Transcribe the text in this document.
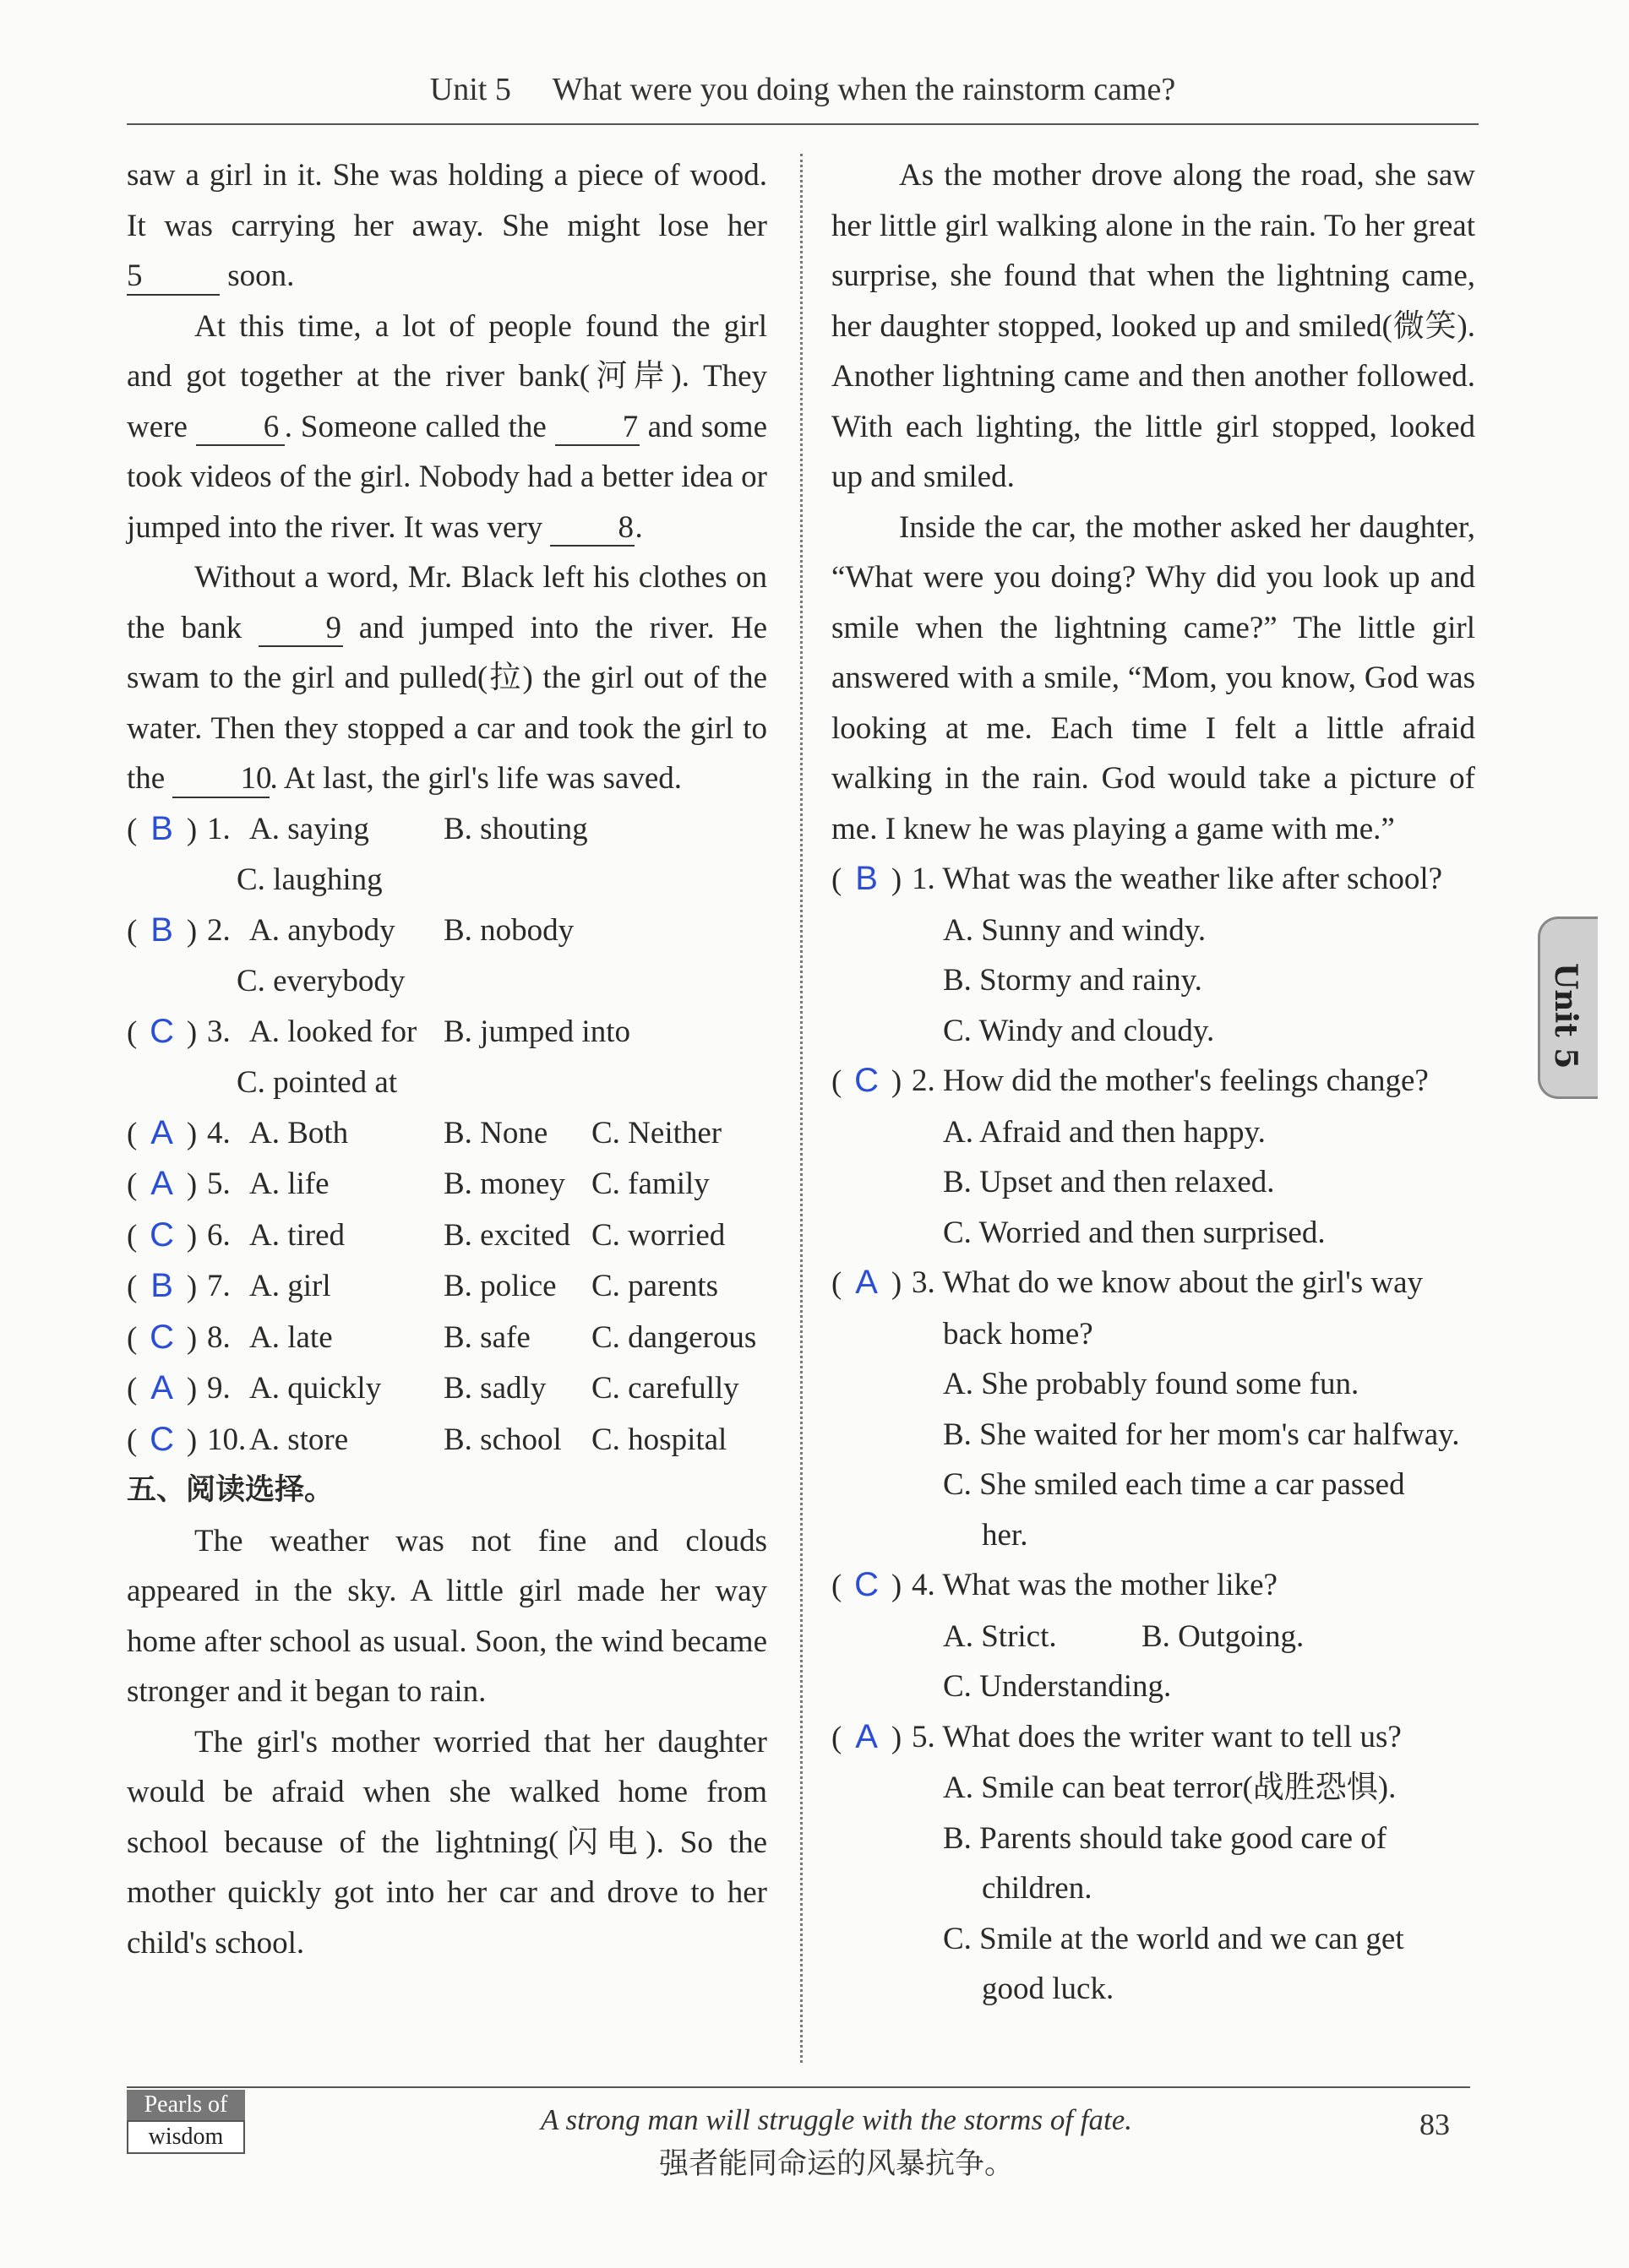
Unit 5 What were you doing when the rainstorm came?
saw a girl in it. She was holding a piece of wood. It was carrying her away. She might lose her 5 soon.
At this time, a lot of people found the girl and got together at the river bank(河岸). They were 6 . Someone called the 7 and some took videos of the girl. Nobody had a better idea or jumped into the river. It was very 8.
Without a word, Mr. Black left his clothes on the bank 9 and jumped into the river. He swam to the girl and pulled(拉) the girl out of the water. Then they stopped a car and took the girl to the 10. At last, the girl's life was saved.
( B ) 1. A. saying	B. shouting
C. laughing
( B ) 2. A. anybody	B. nobody
C. everybody
( C ) 3. A. looked for B. jumped into
C. pointed at
( A ) 4. A. Both	B. None	C. Neither
( A ) 5. A. life	B. money C. family
( C ) 6. A. tired	B. excited C. worried
( B ) 7. A. girl	B. police	C. parents
( C ) 8. A. late	B. safe	C. dangerous
( A ) 9. A. quickly	B. sadly	C. carefully
( C ) 10. A. store	B. school C. hospital
五、阅读选择。
The weather was not fine and clouds appeared in the sky. A little girl made her way home after school as usual. Soon, the wind became stronger and it began to rain.
The girl's mother worried that her daughter would be afraid when she walked home from school because of the lightning(闪电). So the mother quickly got into her car and drove to her child's school.
As the mother drove along the road, she saw her little girl walking alone in the rain. To her great surprise, she found that when the lightning came, her daughter stopped, looked up and smiled(微笑). Another lightning came and then another followed. With each lighting, the little girl stopped, looked up and smiled.
Inside the car, the mother asked her daughter, “What were you doing? Why did you look up and smile when the lightning came?” The little girl answered with a smile, “Mom, you know, God was looking at me. Each time I felt a little afraid walking in the rain. God would take a picture of me. I knew he was playing a game with me.”
( B ) 1. What was the weather like after school?
A. Sunny and windy.
B. Stormy and rainy.
C. Windy and cloudy.
( C ) 2. How did the mother's feelings change?
A. Afraid and then happy.
B. Upset and then relaxed.
C. Worried and then surprised.
( A ) 3. What do we know about the girl's way
back home?
A. She probably found some fun.
B. She waited for her mom's car halfway.
C. She smiled each time a car passed
her.
( C ) 4. What was the mother like?
A. Strict.	B. Outgoing.
C. Understanding.
( A ) 5. What does the writer want to tell us?
A. Smile can beat terror(战胜恐惧).
B. Parents should take good care of
children.
C. Smile at the world and we can get
good luck.
Unit 5
Pearls of
wisdom
A strong man will struggle with the storms of fate.
强者能同命运的风暴抗争。
83
